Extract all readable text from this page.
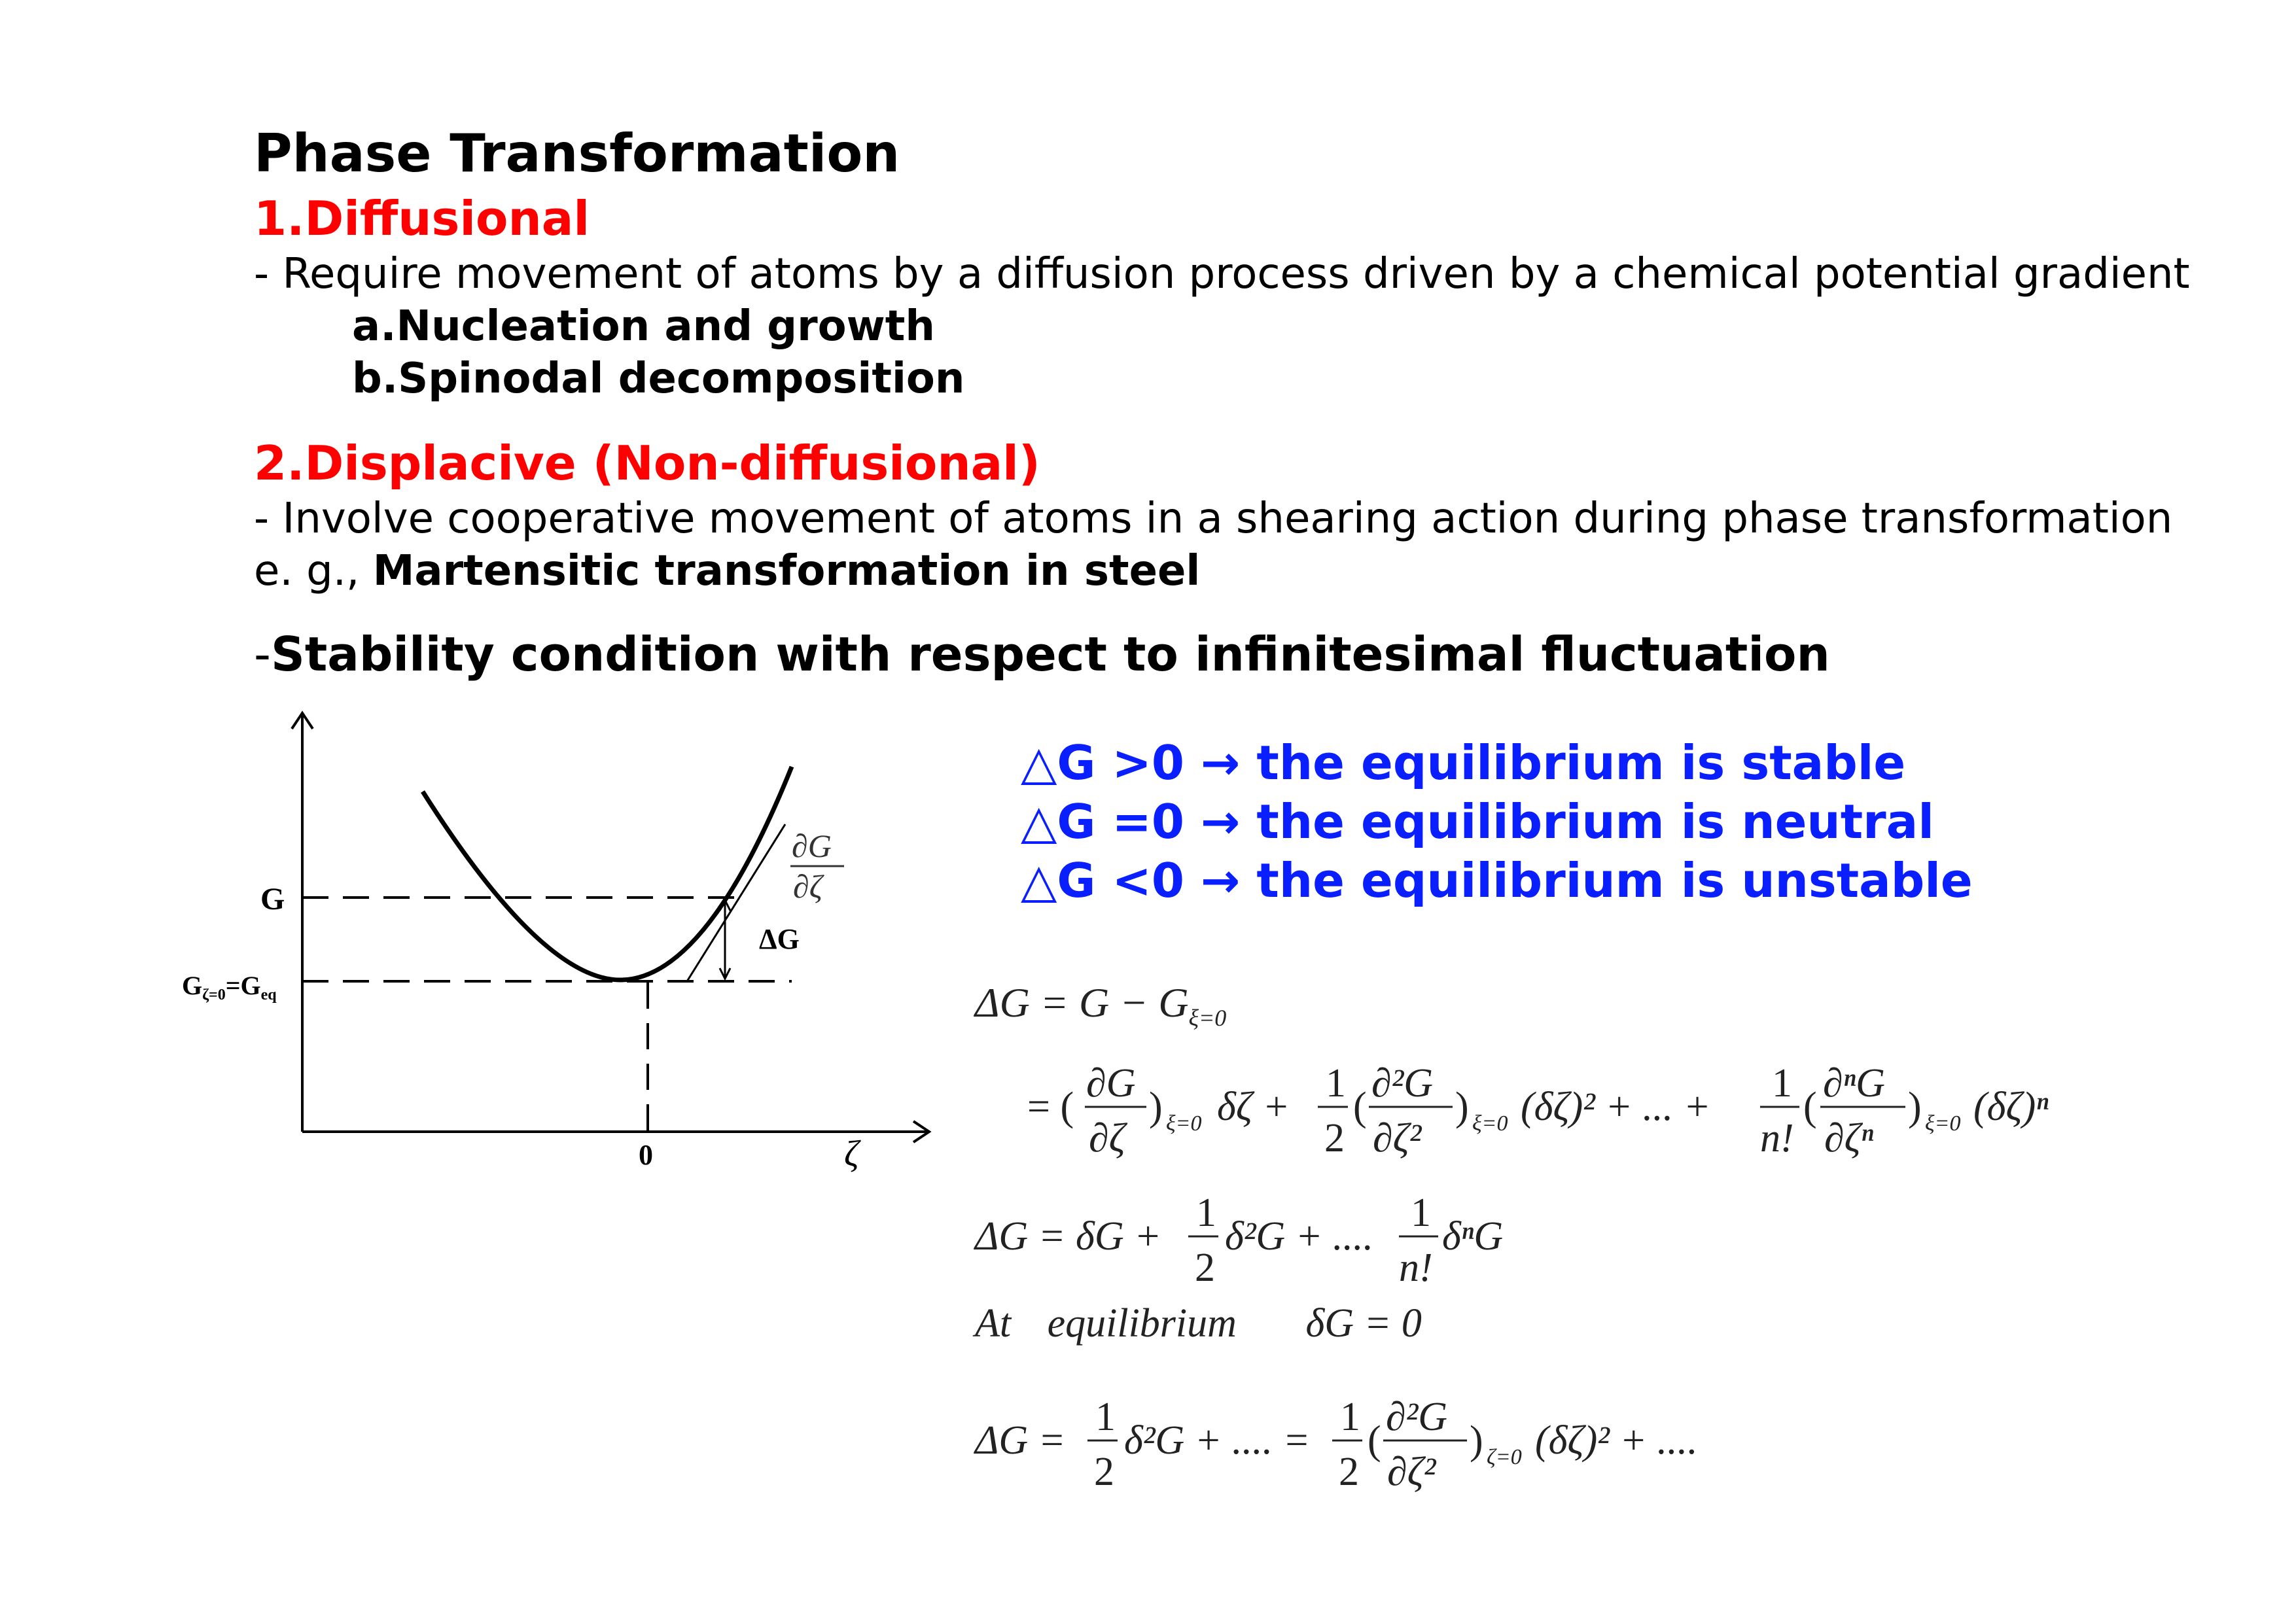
Phase Transformation
1.Diffusional
- Require movement of atoms by a diffusion process driven by a chemical potential gradient
a.Nucleation and growth
b.Spinodal decomposition
2.Displacive (Non-diffusional)
- Involve cooperative movement of atoms in a shearing action during phase transformation
e. g., Martensitic transformation in steel
-Stability condition with respect to infinitesimal fluctuation
△G >0 → the equilibrium is stable
△G =0 → the equilibrium is neutral
△G <0 → the equilibrium is unstable
G
$G_{\zeta=0}=G_{eq}$
ΔG
0	ζ
∂G
∂ζ
$\Delta G = G - G_{\xi=0}$
= (
∂G
∂ζ
) ξ=0 δζ +
1
2
(
∂²G
∂ζ²
) ξ=0 (δζ)² + ... +
1
n!
(
∂ⁿG
∂ζⁿ
) ξ=0 (δζ)ⁿ
ΔG = δG +
1
2
δ²G + ....
1
n!
δⁿG
At equilibrium δG = 0
ΔG =
1
2
δ²G + .... =
1
2
(
∂²G
∂ζ²
) ζ=0 (δζ)² + ....
